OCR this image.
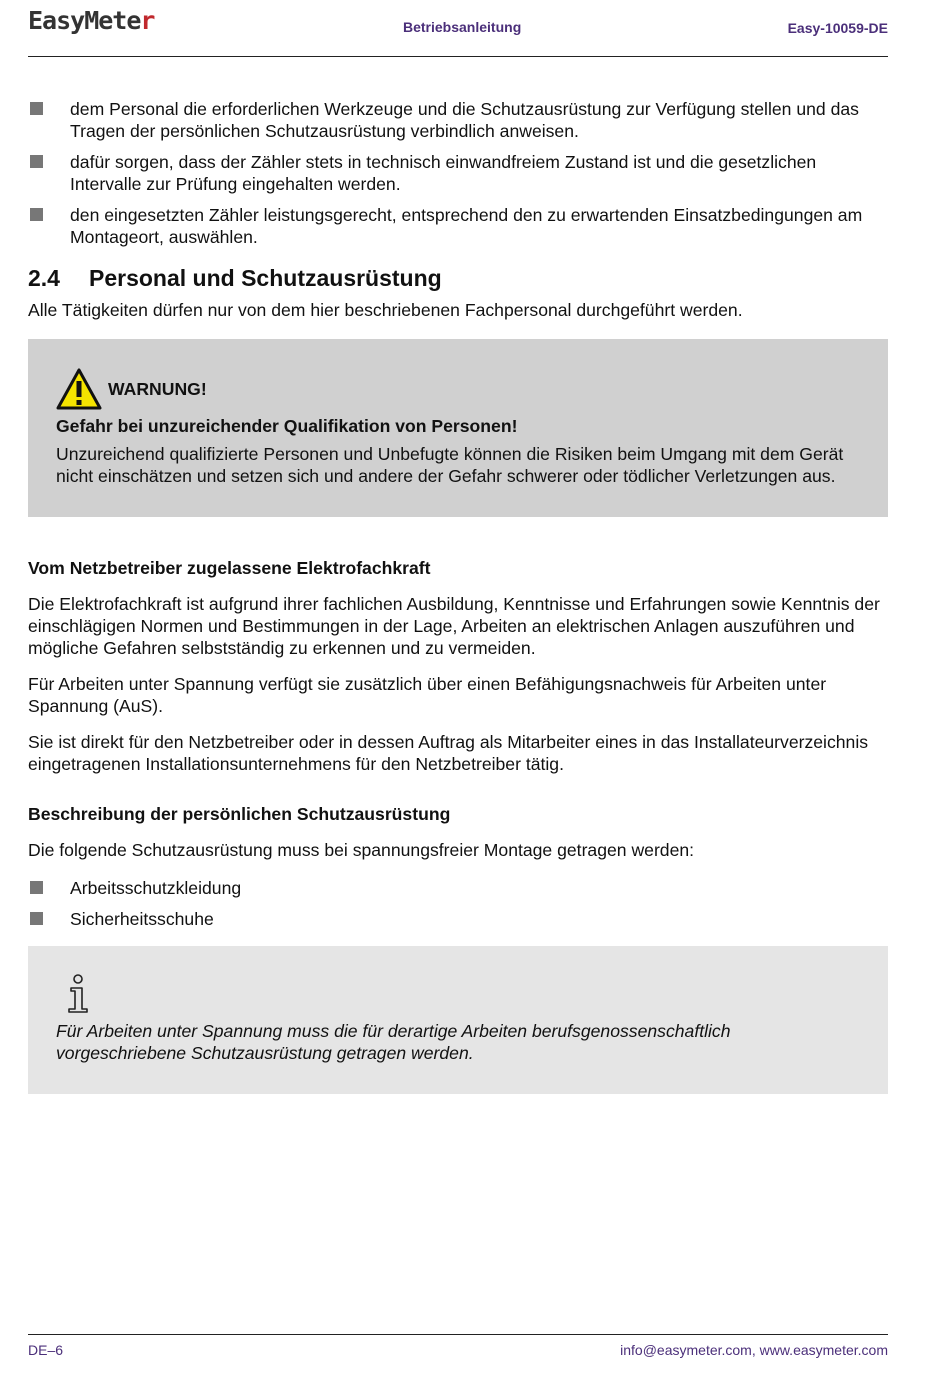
EasyMeter	Betriebsanleitung	Easy-10059-DE
dem Personal die erforderlichen Werkzeuge und die Schutzausrüstung zur Verfügung stellen und das Tragen der persönlichen Schutzausrüstung verbindlich anweisen.
dafür sorgen, dass der Zähler stets in technisch einwandfreiem Zustand ist und die gesetzlichen Intervalle zur Prüfung eingehalten werden.
den eingesetzten Zähler leistungsgerecht, entsprechend den zu erwartenden Einsatzbedingungen am Montageort, auswählen.
2.4 Personal und Schutzausrüstung

Alle Tätigkeiten dürfen nur von dem hier beschriebenen Fachpersonal durchgeführt werden.

WARNUNG!
Gefahr bei unzureichender Qualifikation von Personen!
Unzureichend qualifizierte Personen und Unbefugte können die Risiken beim Umgang mit dem Gerät nicht einschätzen und setzen sich und andere der Gefahr schwerer oder tödlicher Verletzungen aus.
Vom Netzbetreiber zugelassene Elektrofachkraft

Die Elektrofachkraft ist aufgrund ihrer fachlichen Ausbildung, Kenntnisse und Erfahrungen sowie Kenntnis der einschlägigen Normen und Bestimmungen in der Lage, Arbeiten an elektrischen Anlagen auszuführen und mögliche Gefahren selbstständig zu erkennen und zu vermeiden.

Für Arbeiten unter Spannung verfügt sie zusätzlich über einen Befähigungsnachweis für Arbeiten unter Spannung (AuS).

Sie ist direkt für den Netzbetreiber oder in dessen Auftrag als Mitarbeiter eines in das Installateurverzeichnis eingetragenen Installationsunternehmens für den Netzbetreiber tätig.

Beschreibung der persönlichen Schutzausrüstung

Die folgende Schutzausrüstung muss bei spannungsfreier Montage getragen werden:

Arbeitsschutzkleidung
Sicherheitsschuhe
Für Arbeiten unter Spannung muss die für derartige Arbeiten berufsgenossenschaftlich vorgeschriebene Schutzausrüstung getragen werden.
DE–6	info@easymeter.com, www.easymeter.com
